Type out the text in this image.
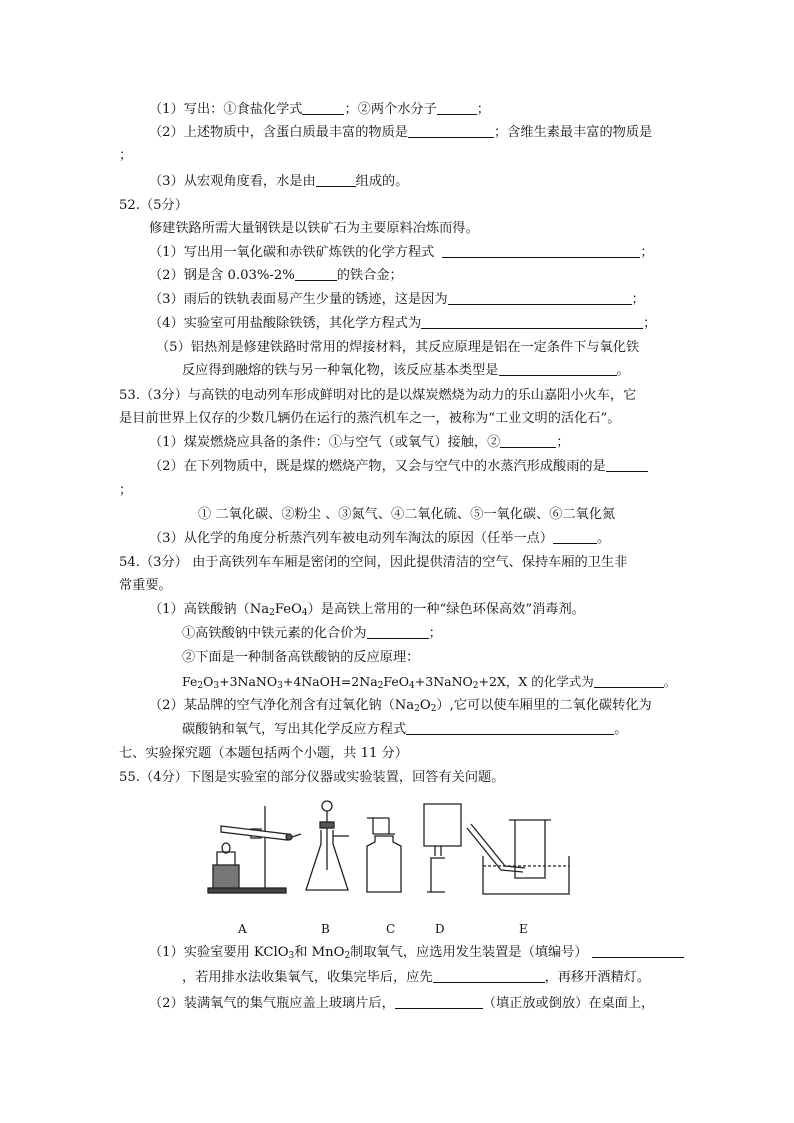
（1）写出：①食盐化学式	；②两个水分子	；
（2）上述物质中，含蛋白质最丰富的物质是	；含维生素最丰富的物质是
；
（3）从宏观角度看，水是由	组成的。
52.（5分）
修建铁路所需大量钢铁是以铁矿石为主要原料冶炼而得。
（1）写出用一氧化碳和赤铁矿炼铁的化学方程式	；
（2）钢是含 0.03%-2%	的铁合金；
（3）雨后的铁轨表面易产生少量的锈迹，这是因为	；
（4）实验室可用盐酸除铁锈，其化学方程式为	；
（5）铝热剂是修建铁路时常用的焊接材料，其反应原理是铝在一定条件下与氧化铁
反应得到融熔的铁与另一种氧化物，该反应基本类型是	。
53.（3分）与高铁的电动列车形成鲜明对比的是以煤炭燃烧为动力的乐山嘉阳小火车，它
是目前世界上仅存的少数几辆仍在运行的蒸汽机车之一，被称为“工业文明的活化石”。
（1）煤炭燃烧应具备的条件：①与空气（或氧气）接触，②	；
（2）在下列物质中，既是煤的燃烧产物，又会与空气中的水蒸汽形成酸雨的是
；
① 二氧化碳、②粉尘 、③氮气、④二氧化硫、⑤一氧化碳、⑥二氧化氮
（3）从化学的角度分析蒸汽列车被电动列车淘汰的原因（任举一点）	。
54.（3分） 由于高铁列车车厢是密闭的空间，因此提供清洁的空气、保持车厢的卫生非
常重要。
（1）高铁酸钠$(Na_2FeO_4)$是高铁上常用的一种“绿色环保高效”消毒剂。
①高铁酸钠中铁元素的化合价为	；
②下面是一种制备高铁酸钠的反应原理：
$Fe_2O_3+3NaNO_3+4NaOH=2Na_2FeO_4+3NaNO_2+2X$，X 的化学式为	。
（2）某品牌的空气净化剂含有过氧化钠$(Na_2O_2)$,它可以使车厢里的二氧化碳转化为
碳酸钠和氧气，写出其化学反应方程式	。
七、实验探究题（本题包括两个小题，共 11 分）
55.（4分）下图是实验室的部分仪器或实验装置，回答有关问题。
A	B	C	D	E
（1）实验室要用 KClO$_3$和 MnO$_2$制取氧气，应选用发生装置是（填编号）
，若用排水法收集氧气，收集完毕后，应先	，再移开酒精灯。
（2）装满氧气的集气瓶应盖上玻璃片后，	（填正放或倒放）在桌面上，
